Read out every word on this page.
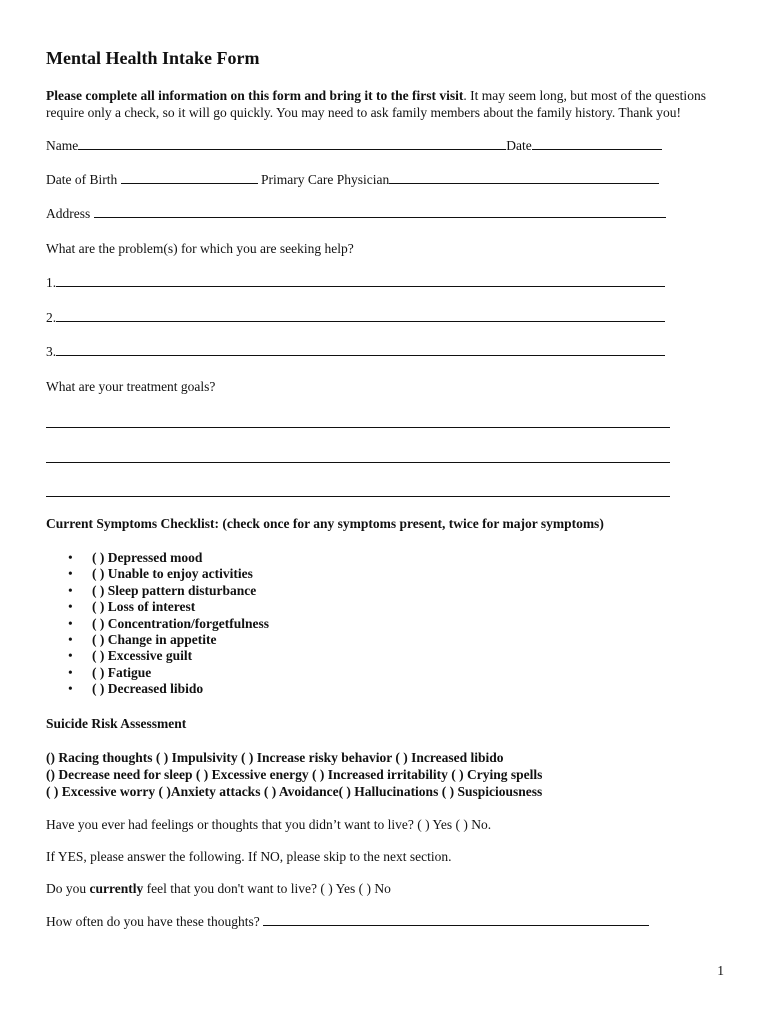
Mental Health Intake Form
Please complete all information on this form and bring it to the first visit. It may seem long, but most of the questions require only a check, so it will go quickly. You may need to ask family members about the family history. Thank you!
Name	Date
Date of Birth	Primary Care Physician
Address
What are the problem(s) for which you are seeking help?
1.
2.
3.
What are your treatment goals?
Current Symptoms Checklist: (check once for any symptoms present, twice for major symptoms)
• ( ) Depressed mood
• ( ) Unable to enjoy activities
• ( ) Sleep pattern disturbance
• ( ) Loss of interest
• ( ) Concentration/forgetfulness
• ( ) Change in appetite
• ( ) Excessive guilt
• ( ) Fatigue
• ( ) Decreased libido
Suicide Risk Assessment
() Racing thoughts ( ) Impulsivity ( ) Increase risky behavior ( ) Increased libido
() Decrease need for sleep ( ) Excessive energy ( ) Increased irritability ( ) Crying spells
( ) Excessive worry ( )Anxiety attacks ( ) Avoidance( ) Hallucinations ( ) Suspiciousness
Have you ever had feelings or thoughts that you didn’t want to live? ( ) Yes ( ) No.
If YES, please answer the following. If NO, please skip to the next section.
Do you currently feel that you don't want to live? ( ) Yes ( ) No
How often do you have these thoughts?
1
